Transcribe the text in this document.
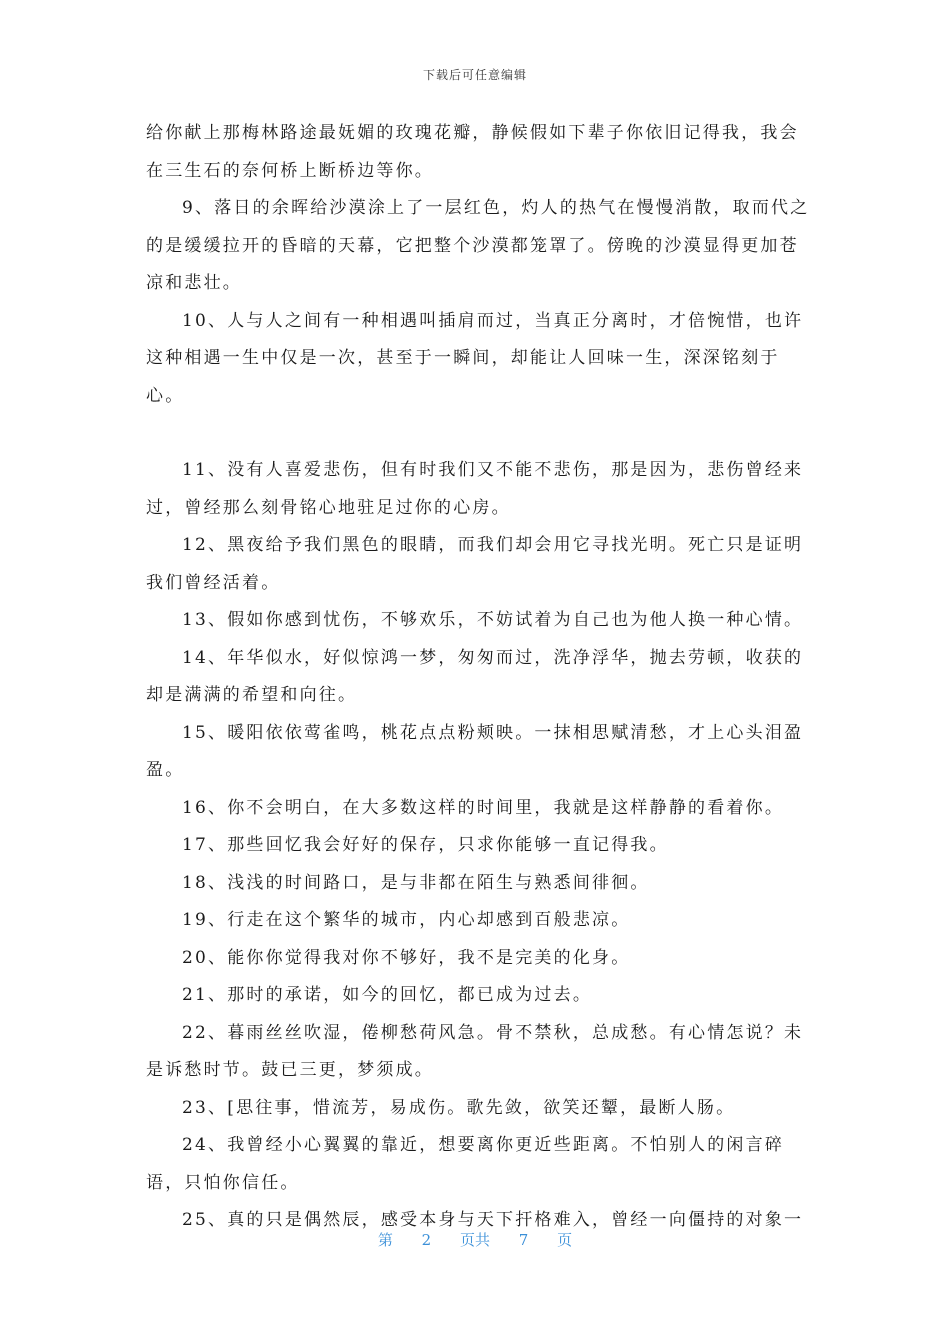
下载后可任意编辑

给你献上那梅林路途最妩媚的玫瑰花瓣，静候假如下辈子你依旧记得我，我会在三生石的奈何桥上断桥边等你。

9、落日的余晖给沙漠涂上了一层红色，灼人的热气在慢慢消散，取而代之的是缓缓拉开的昏暗的天幕，它把整个沙漠都笼罩了。傍晚的沙漠显得更加苍凉和悲壮。

10、人与人之间有一种相遇叫插肩而过，当真正分离时，才倍惋惜，也许这种相遇一生中仅是一次，甚至于一瞬间，却能让人回味一生，深深铭刻于心。

11、没有人喜爱悲伤，但有时我们又不能不悲伤，那是因为，悲伤曾经来过，曾经那么刻骨铭心地驻足过你的心房。

12、黑夜给予我们黑色的眼睛，而我们却会用它寻找光明。死亡只是证明我们曾经活着。

13、假如你感到忧伤，不够欢乐，不妨试着为自己也为他人换一种心情。

14、年华似水，好似惊鸿一梦，匆匆而过，洗净浮华，抛去劳顿，收获的却是满满的希望和向往。

15、暖阳依依莺雀鸣，桃花点点粉颊映。一抹相思赋清愁，才上心头泪盈盈。

16、你不会明白，在大多数这样的时间里，我就是这样静静的看着你。

17、那些回忆我会好好的保存，只求你能够一直记得我。

18、浅浅的时间路口，是与非都在陌生与熟悉间徘徊。

19、行走在这个繁华的城市，内心却感到百般悲凉。

20、能你你觉得我对你不够好，我不是完美的化身。

21、那时的承诺，如今的回忆，都已成为过去。

22、暮雨丝丝吹湿，倦柳愁荷风急。骨不禁秋，总成愁。有心情怎说？未是诉愁时节。鼓已三更，梦须成。

23、[思往事，惜流芳，易成伤。歌先敛，欲笑还颦，最断人肠。

24、我曾经小心翼翼的靠近，想要离你更近些距离。不怕别人的闲言碎语，只怕你信任。

25、真的只是偶然辰，感受本身与天下扞格难入，曾经一向僵持的对象一

第 2 页共 7 页
